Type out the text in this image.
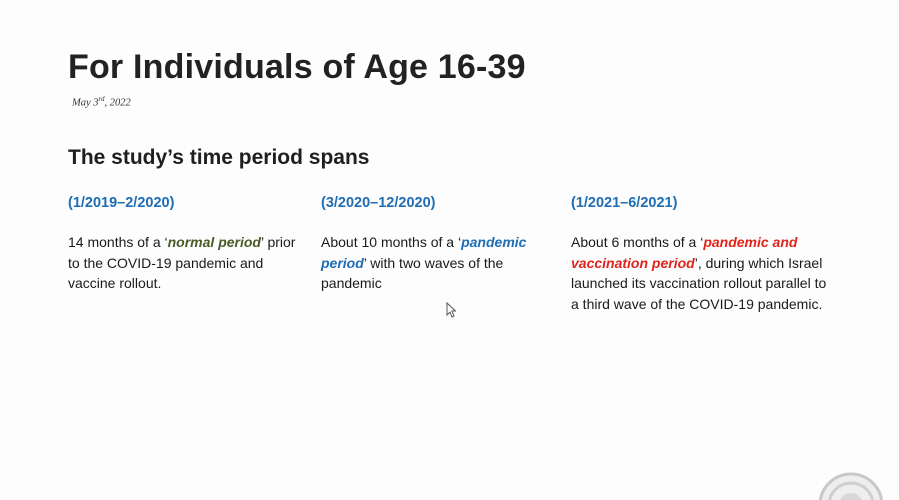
For Individuals of Age 16-39
May 3rd, 2022
The study’s time period spans
(1/2019–2/2020)
14 months of a ‘normal period’ prior to the COVID-19 pandemic and vaccine rollout.
(3/2020–12/2020)
About 10 months of a ‘pandemic period’ with two waves of the pandemic
(1/2021–6/2021)
About 6 months of a ‘pandemic and vaccination period’, during which Israel launched its vaccination rollout parallel to a third wave of the COVID-19 pandemic.
